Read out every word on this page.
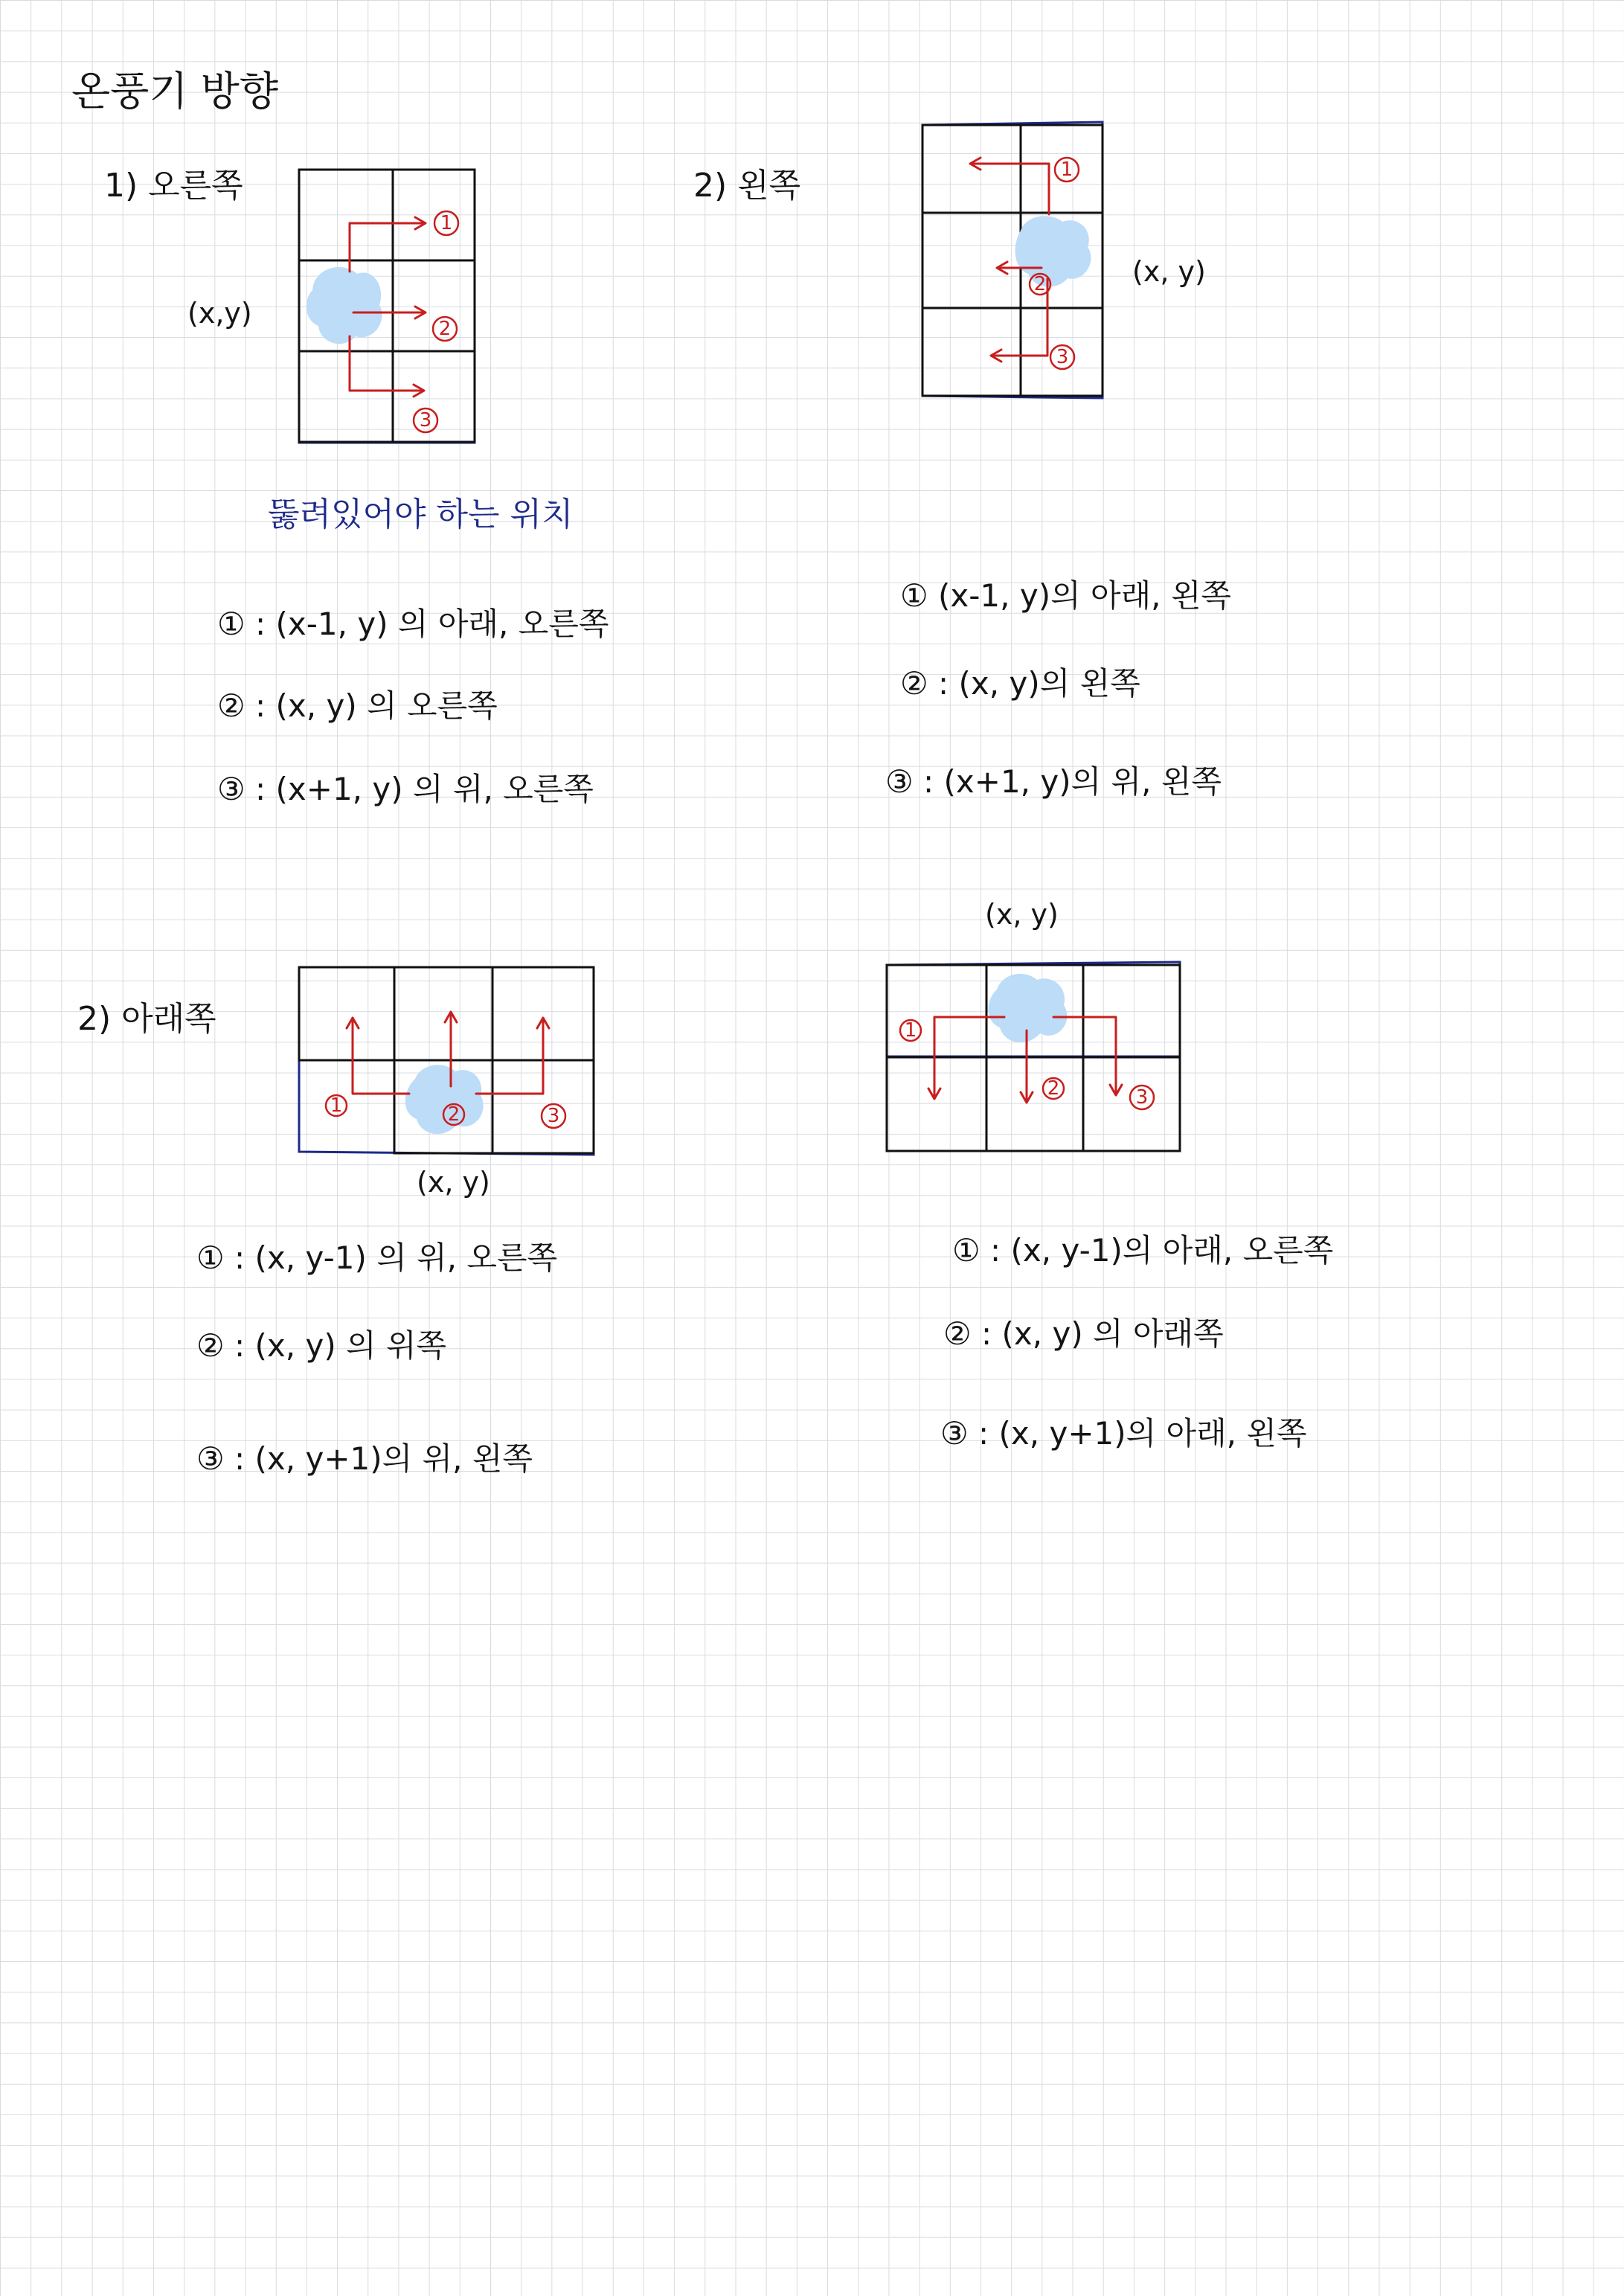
온풍기 방향
1) 오른쪽
(x,y)
1
2
3
뚫려있어야 하는 위치
① : (x-1, y) 의 아래, 오른쪽
② : (x, y) 의 오른쪽
③ : (x+1, y) 의 위, 오른쪽
2) 왼쪽
(x, y)
1
2
3
① (x-1, y)의 아래, 왼쪽
② : (x, y)의 왼쪽
③ : (x+1, y)의 위, 왼쪽
2) 아래쪽
1	2	3
(x, y)
① : (x, y-1) 의 위, 오른쪽
② : (x, y) 의 위쪽
③ : (x, y+1)의 위, 왼쪽
(x, y)
1
2	3
① : (x, y-1)의 아래, 오른쪽
② : (x, y) 의 아래쪽
③ : (x, y+1)의 아래, 왼쪽
